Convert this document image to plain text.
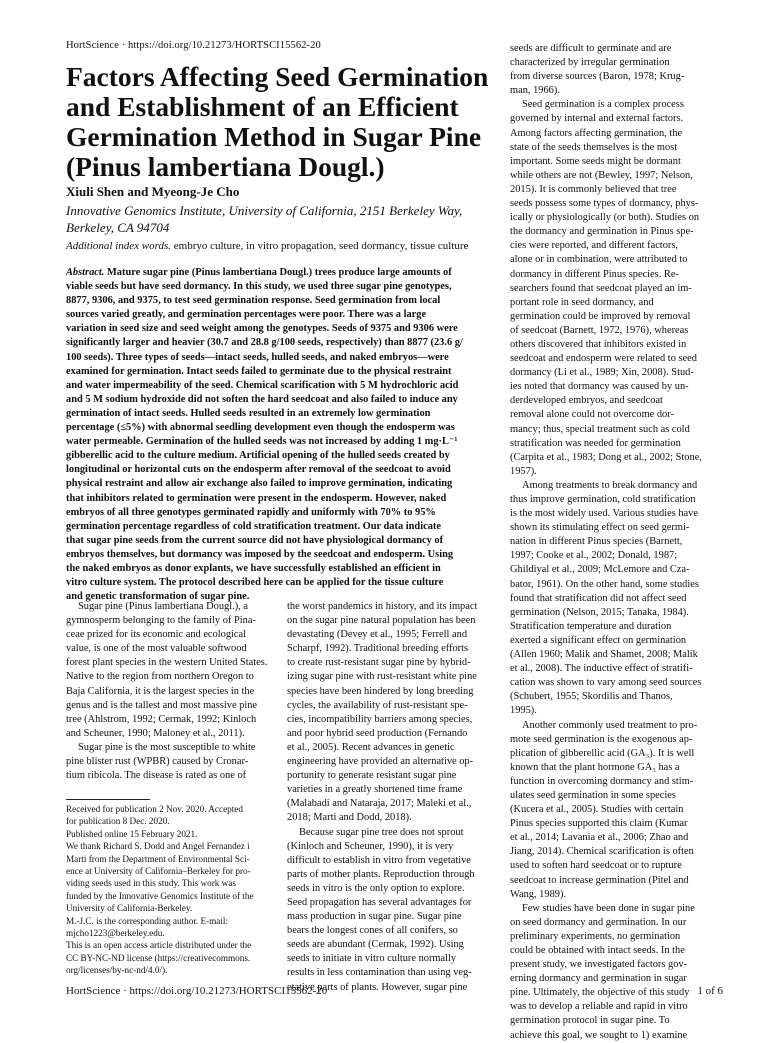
HortScience · https://doi.org/10.21273/HORTSCI15562-20
Factors Affecting Seed Germination
and Establishment of an Efficient
Germination Method in Sugar Pine
(Pinus lambertiana Dougl.)
Xiuli Shen and Myeong-Je Cho
Innovative Genomics Institute, University of California, 2151 Berkeley Way,
Berkeley, CA 94704
Additional index words. embryo culture, in vitro propagation, seed dormancy, tissue culture
Abstract. Mature sugar pine (Pinus lambertiana Dougl.) trees produce large amounts of
viable seeds but have seed dormancy. In this study, we used three sugar pine genotypes,
8877, 9306, and 9375, to test seed germination response. Seed germination from local
sources varied greatly, and germination percentages were poor. There was a large
variation in seed size and seed weight among the genotypes. Seeds of 9375 and 9306 were
significantly larger and heavier (30.7 and 28.8 g/100 seeds, respectively) than 8877 (23.6 g/
100 seeds). Three types of seeds—intact seeds, hulled seeds, and naked embryos—were
examined for germination. Intact seeds failed to germinate due to the physical restraint
and water impermeability of the seed. Chemical scarification with 5 M hydrochloric acid
and 5 M sodium hydroxide did not soften the hard seedcoat and also failed to induce any
germination of intact seeds. Hulled seeds resulted in an extremely low germination
percentage (≤5%) with abnormal seedling development even though the endosperm was
water permeable. Germination of the hulled seeds was not increased by adding 1 mg·L⁻¹
gibberellic acid to the culture medium. Artificial opening of the hulled seeds created by
longitudinal or horizontal cuts on the endosperm after removal of the seedcoat to avoid
physical restraint and allow air exchange also failed to improve germination, indicating
that inhibitors related to germination were present in the endosperm. However, naked
embryos of all three genotypes germinated rapidly and uniformly with 70% to 95%
germination percentage regardless of cold stratification treatment. Our data indicate
that sugar pine seeds from the current source did not have physiological dormancy of
embryos themselves, but dormancy was imposed by the seedcoat and endosperm. Using
the naked embryos as donor explants, we have successfully established an efficient in
vitro culture system. The protocol described here can be applied for the tissue culture
and genetic transformation of sugar pine.
Sugar pine (Pinus lambertiana Dougl.), a
gymnosperm belonging to the family of Pina-
ceae prized for its economic and ecological
value, is one of the most valuable softwood
forest plant species in the western United States.
Native to the region from northern Oregon to
Baja California, it is the largest species in the
genus and is the tallest and most massive pine
tree (Ahlstrom, 1992; Cermak, 1992; Kinloch
and Scheuner, 1990; Maloney et al., 2011).
Sugar pine is the most susceptible to white
pine blister rust (WPBR) caused by Cronar-
tium ribicola. The disease is rated as one of
the worst pandemics in history, and its impact
on the sugar pine natural population has been
devastating (Devey et al., 1995; Ferrell and
Scharpf, 1992). Traditional breeding efforts
to create rust-resistant sugar pine by hybrid-
izing sugar pine with rust-resistant white pine
species have been hindered by long breeding
cycles, the availability of rust-resistant spe-
cies, incompatibility barriers among species,
and poor hybrid seed production (Fernando
et al., 2005). Recent advances in genetic
engineering have provided an alternative op-
portunity to generate resistant sugar pine
varieties in a greatly shortened time frame
(Malabadi and Nataraja, 2017; Maleki et al.,
2018; Marti and Dodd, 2018).
Because sugar pine tree does not sprout
(Kinloch and Scheuner, 1990), it is very
difficult to establish in vitro from vegetative
parts of mother plants. Reproduction through
seeds in vitro is the only option to explore.
Seed propagation has several advantages for
mass production in sugar pine. Sugar pine
bears the longest cones of all conifers, so
seeds are abundant (Cermak, 1992). Using
seeds to initiate in vitro culture normally
results in less contamination than using veg-
etative parts of plants. However, sugar pine
seeds are difficult to germinate and are
characterized by irregular germination
from diverse sources (Baron, 1978; Krug-
man, 1966).
Seed germination is a complex process
governed by internal and external factors.
Among factors affecting germination, the
state of the seeds themselves is the most
important. Some seeds might be dormant
while others are not (Bewley, 1997; Nelson,
2015). It is commonly believed that tree
seeds possess some types of dormancy, phys-
ically or physiologically (or both). Studies on
the dormancy and germination in Pinus spe-
cies were reported, and different factors,
alone or in combination, were attributed to
dormancy in different Pinus species. Re-
searchers found that seedcoat played an im-
portant role in seed dormancy, and
germination could be improved by removal
of seedcoat (Barnett, 1972, 1976), whereas
others discovered that inhibitors existed in
seedcoat and endosperm were related to seed
dormancy (Li et al., 1989; Xin, 2008). Stud-
ies noted that dormancy was caused by un-
derdeveloped embryos, and seedcoat
removal alone could not overcome dor-
mancy; thus, special treatment such as cold
stratification was needed for germination
(Carpita et al., 1983; Dong et al., 2002; Stone,
1957).
Among treatments to break dormancy and
thus improve germination, cold stratification
is the most widely used. Various studies have
shown its stimulating effect on seed germi-
nation in different Pinus species (Barnett,
1997; Cooke et al., 2002; Donald, 1987;
Ghildiyal et al., 2009; McLemore and Cza-
bator, 1961). On the other hand, some studies
found that stratification did not affect seed
germination (Nelson, 2015; Tanaka, 1984).
Stratification temperature and duration
exerted a significant effect on germination
(Allen 1960; Malik and Shamet, 2008; Malik
et al., 2008). The inductive effect of stratifi-
cation was shown to vary among seed sources
(Schubert, 1955; Skordilis and Thanos,
1995).
Another commonly used treatment to pro-
mote seed germination is the exogenous ap-
plication of gibberellic acid (GA₃). It is well
known that the plant hormone GA₃ has a
function in overcoming dormancy and stim-
ulates seed germination in some species
(Kucera et al., 2005). Studies with certain
Pinus species supported this claim (Kumar
et al., 2014; Lavania et al., 2006; Zhao and
Jiang, 2014). Chemical scarification is often
used to soften hard seedcoat or to rupture
seedcoat to increase germination (Pitel and
Wang, 1989).
Few studies have been done in sugar pine
on seed dormancy and germination. In our
preliminary experiments, no germination
could be obtained with intact seeds. In the
present study, we investigated factors gov-
erning dormancy and germination in sugar
pine. Ultimately, the objective of this study
was to develop a reliable and rapid in vitro
germination protocol in sugar pine. To
achieve this goal, we sought to 1) examine
Received for publication 2 Nov. 2020. Accepted
for publication 8 Dec. 2020.
Published online 15 February 2021.
We thank Richard S. Dodd and Angel Fernandez i
Marti from the Department of Environmental Sci-
ence at University of California–Berkeley for pro-
viding seeds used in this study. This work was
funded by the Innovative Genomics Institute of the
University of California-Berkeley.
M.-J.C. is the corresponding author. E-mail:
mjcho1223@berkeley.edu.
This is an open access article distributed under the
CC BY-NC-ND license (https://creativecommons.
org/licenses/by-nc-nd/4.0/).
HortScience · https://doi.org/10.21273/HORTSCI15562-20	1 of 6
